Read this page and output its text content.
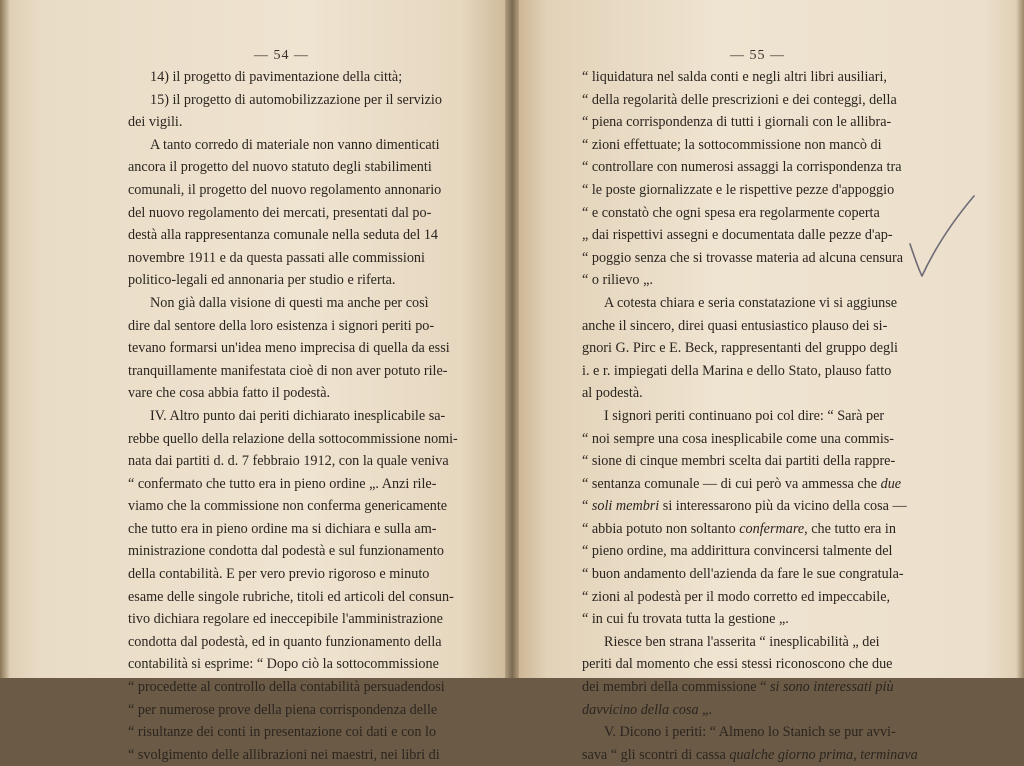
— 54 —
14) il progetto di pavimentazione della città;
15) il progetto di automobilizzazione per il servizio
dei vigili.
A tanto corredo di materiale non vanno dimenticati
ancora il progetto del nuovo statuto degli stabilimenti
comunali, il progetto del nuovo regolamento annonario
del nuovo regolamento dei mercati, presentati dal po-
destà alla rappresentanza comunale nella seduta del 14
novembre 1911 e da questa passati alle commissioni
politico-legali ed annonaria per studio e riferta.
Non già dalla visione di questi ma anche per così
dire dal sentore della loro esistenza i signori periti po-
tevano formarsi un'idea meno imprecisa di quella da essi
tranquillamente manifestata cioè di non aver potuto rile-
vare che cosa abbia fatto il podestà.
IV. Altro punto dai periti dichiarato inesplicabile sa-
rebbe quello della relazione della sottocommissione nomi-
nata dai partiti d. d. 7 febbraio 1912, con la quale veniva
“ confermato che tutto era in pieno ordine „. Anzi rile-
viamo che la commissione non conferma genericamente
che tutto era in pieno ordine ma si dichiara e sulla am-
ministrazione condotta dal podestà e sul funzionamento
della contabilità. E per vero previo rigoroso e minuto
esame delle singole rubriche, titoli ed articoli del consun-
tivo dichiara regolare ed ineccepibile l'amministrazione
condotta dal podestà, ed in quanto funzionamento della
contabilità si esprime: “ Dopo ciò la sottocommissione
“ procedette al controllo della contabilità persuadendosi
“ per numerose prove della piena corrispondenza delle
“ risultanze dei conti in presentazione coi dati e con lo
“ svolgimento delle allibrazioni nei maestri, nei libri di
— 55 —
“ liquidatura nel salda conti e negli altri libri ausiliari,
“ della regolarità delle prescrizioni e dei conteggi, della
“ piena corrispondenza di tutti i giornali con le allibra-
“ zioni effettuate; la sottocommissione non mancò di
“ controllare con numerosi assaggi la corrispondenza tra
“ le poste giornalizzate e le rispettive pezze d'appoggio
“ e constatò che ogni spesa era regolarmente coperta
„ dai rispettivi assegni e documentata dalle pezze d'ap-
“ poggio senza che si trovasse materia ad alcuna censura
“ o rilievo „.
A cotesta chiara e seria constatazione vi si aggiunse
anche il sincero, direi quasi entusiastico plauso dei si-
gnori G. Pirc e E. Beck, rappresentanti del gruppo degli
i. e r. impiegati della Marina e dello Stato, plauso fatto
al podestà.
I signori periti continuano poi col dire: “ Sarà per
“ noi sempre una cosa inesplicabile come una commis-
“ sione di cinque membri scelta dai partiti della rappre-
“ sentanza comunale — di cui però va ammessa che due
“ soli membri si interessarono più da vicino della cosa —
“ abbia potuto non soltanto confermare, che tutto era in
“ pieno ordine, ma addirittura convincersi talmente del
“ buon andamento dell'azienda da fare le sue congratula-
“ zioni al podestà per il modo corretto ed impeccabile,
“ in cui fu trovata tutta la gestione „.
Riesce ben strana l'asserita “ inesplicabilità „ dei
periti dal momento che essi stessi riconoscono che due
dei membri della commissione “ si sono interessati più
davvicino della cosa „.
V. Dicono i periti: “ Almeno lo Stanich se pur avvi-
sava “ gli scontri di cassa qualche giorno prima, terminava
